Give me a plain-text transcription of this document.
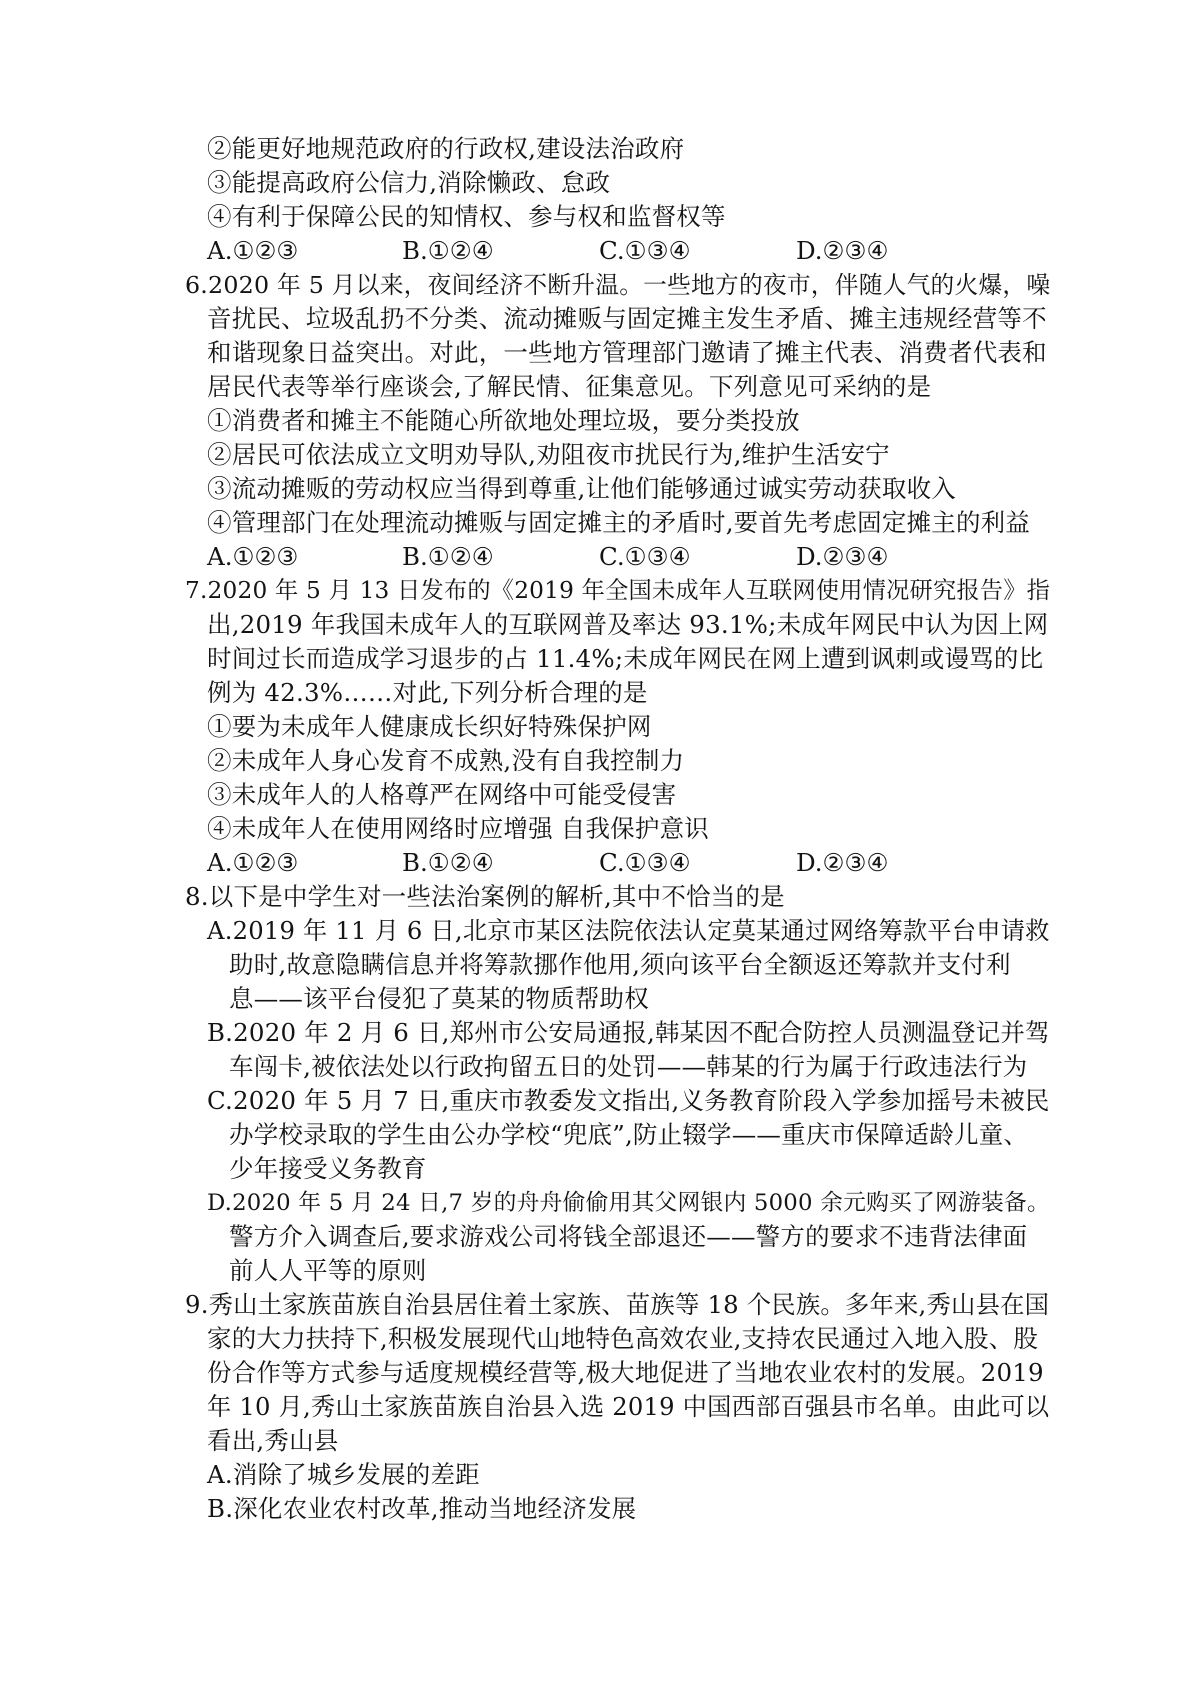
②能更好地规范政府的行政权,建设法治政府
③能提高政府公信力,消除懒政、怠政
④有利于保障公民的知情权、参与权和监督权等
A.①②③	B.①②④	C.①③④	D.②③④
6.2020 年 5 月以来，夜间经济不断升温。一些地方的夜市，伴随人气的火爆，噪
音扰民、垃圾乱扔不分类、流动摊贩与固定摊主发生矛盾、摊主违规经营等不
和谐现象日益突出。对此，一些地方管理部门邀请了摊主代表、消费者代表和
居民代表等举行座谈会,了解民情、征集意见。下列意见可采纳的是
①消费者和摊主不能随心所欲地处理垃圾，要分类投放
②居民可依法成立文明劝导队,劝阻夜市扰民行为,维护生活安宁
③流动摊贩的劳动权应当得到尊重,让他们能够通过诚实劳动获取收入
④管理部门在处理流动摊贩与固定摊主的矛盾时,要首先考虑固定摊主的利益
A.①②③	B.①②④	C.①③④	D.②③④
7.2020 年 5 月 13 日发布的《2019 年全国未成年人互联网使用情况研究报告》指
出,2019 年我国未成年人的互联网普及率达 93.1%;未成年网民中认为因上网
时间过长而造成学习退步的占 11.4%;未成年网民在网上遭到讽刺或谩骂的比
例为 42.3%……对此,下列分析合理的是
①要为未成年人健康成长织好特殊保护网
②未成年人身心发育不成熟,没有自我控制力
③未成年人的人格尊严在网络中可能受侵害
④未成年人在使用网络时应增强 自我保护意识
A.①②③	B.①②④	C.①③④	D.②③④
8.以下是中学生对一些法治案例的解析,其中不恰当的是
A.2019 年 11 月 6 日,北京市某区法院依法认定莫某通过网络筹款平台申请救
助时,故意隐瞒信息并将筹款挪作他用,须向该平台全额返还筹款并支付利
息——该平台侵犯了莫某的物质帮助权
B.2020 年 2 月 6 日,郑州市公安局通报,韩某因不配合防控人员测温登记并驾
车闯卡,被依法处以行政拘留五日的处罚——韩某的行为属于行政违法行为
C.2020 年 5 月 7 日,重庆市教委发文指出,义务教育阶段入学参加摇号未被民
办学校录取的学生由公办学校“兜底”,防止辍学——重庆市保障适龄儿童、
少年接受义务教育
D.2020 年 5 月 24 日,7 岁的舟舟偷偷用其父网银内 5000 余元购买了网游装备。
警方介入调查后,要求游戏公司将钱全部退还——警方的要求不违背法律面
前人人平等的原则
9.秀山土家族苗族自治县居住着土家族、苗族等 18 个民族。多年来,秀山县在国
家的大力扶持下,积极发展现代山地特色高效农业,支持农民通过入地入股、股
份合作等方式参与适度规模经营等,极大地促进了当地农业农村的发展。2019
年 10 月,秀山土家族苗族自治县入选 2019 中国西部百强县市名单。由此可以
看出,秀山县
A.消除了城乡发展的差距
B.深化农业农村改革,推动当地经济发展
